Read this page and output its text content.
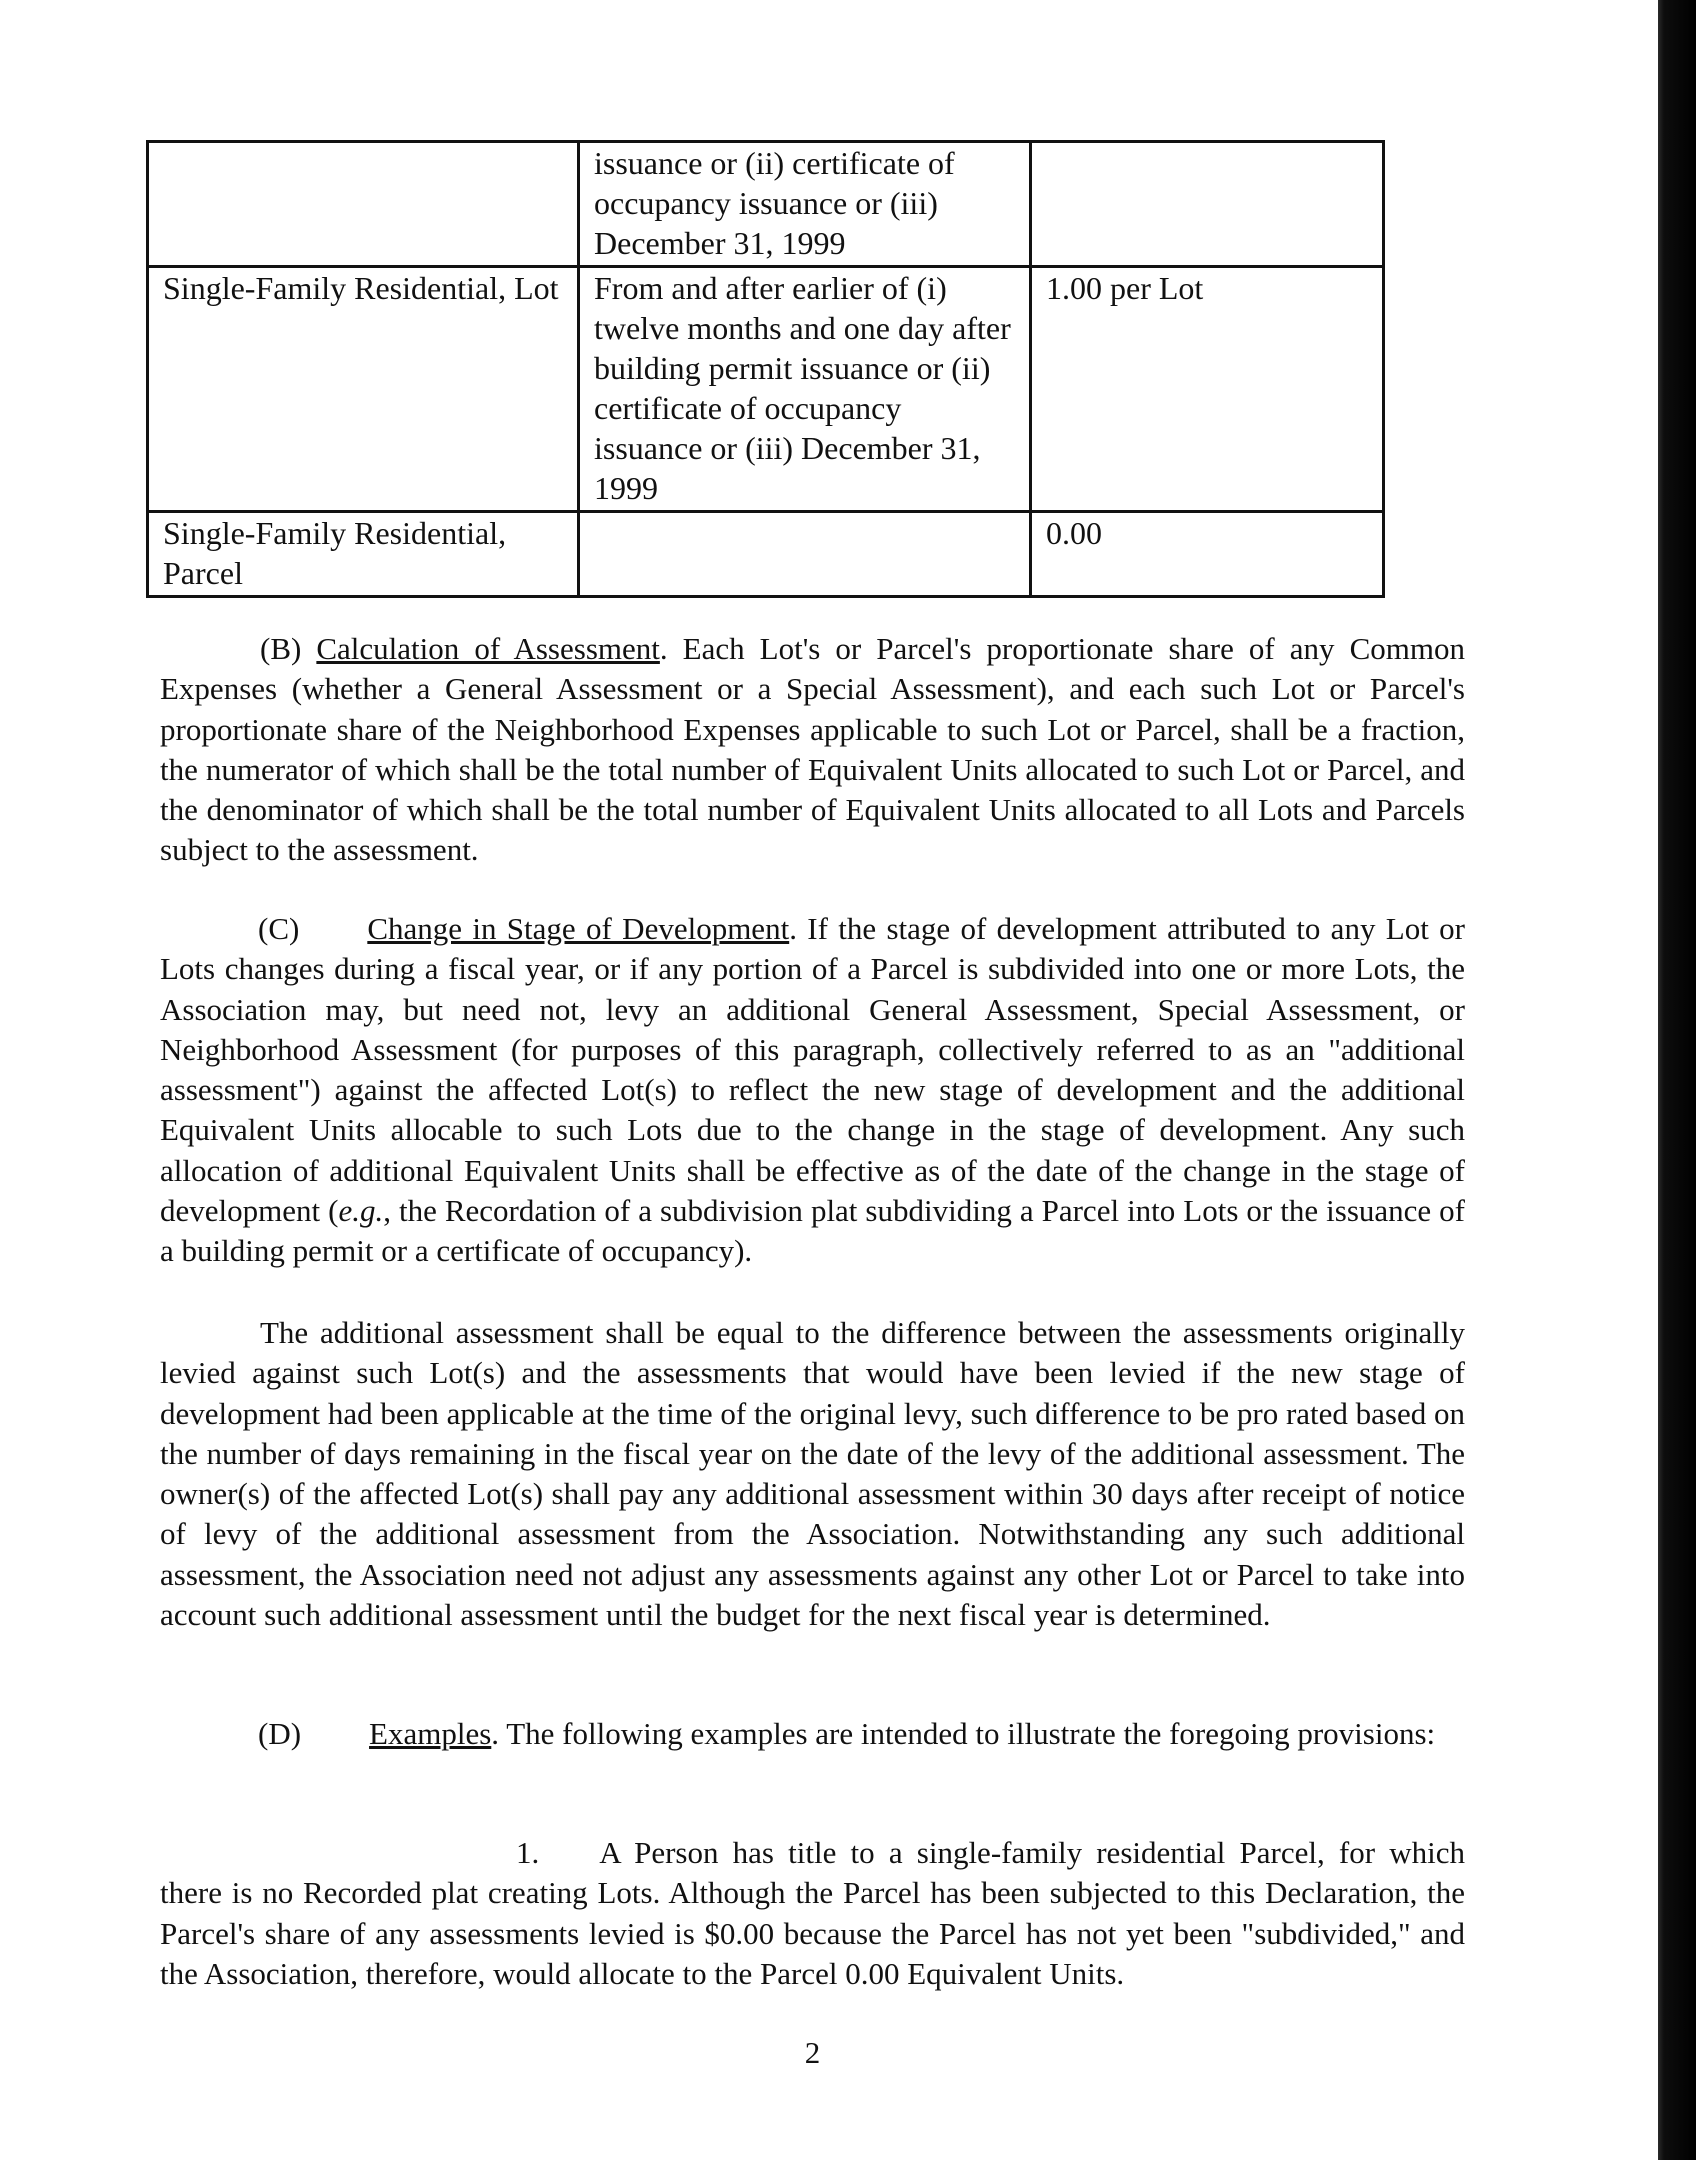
	issuance or (ii) certificate of occupancy issuance or (iii) December 31, 1999	
Single-Family Residential, Lot	From and after earlier of (i) twelve months and one day after building permit issuance or (ii) certificate of occupancy issuance or (iii) December 31, 1999	1.00 per Lot
Single-Family Residential, Parcel		0.00

(B) Calculation of Assessment. Each Lot's or Parcel's proportionate share of any Common Expenses (whether a General Assessment or a Special Assessment), and each such Lot or Parcel's proportionate share of the Neighborhood Expenses applicable to such Lot or Parcel, shall be a fraction, the numerator of which shall be the total number of Equivalent Units allocated to such Lot or Parcel, and the denominator of which shall be the total number of Equivalent Units allocated to all Lots and Parcels subject to the assessment.

(C) Change in Stage of Development. If the stage of development attributed to any Lot or Lots changes during a fiscal year, or if any portion of a Parcel is subdivided into one or more Lots, the Association may, but need not, levy an additional General Assessment, Special Assessment, or Neighborhood Assessment (for purposes of this paragraph, collectively referred to as an "additional assessment") against the affected Lot(s) to reflect the new stage of development and the additional Equivalent Units allocable to such Lots due to the change in the stage of development. Any such allocation of additional Equivalent Units shall be effective as of the date of the change in the stage of development (e.g., the Recordation of a subdivision plat subdividing a Parcel into Lots or the issuance of a building permit or a certificate of occupancy).

The additional assessment shall be equal to the difference between the assessments originally levied against such Lot(s) and the assessments that would have been levied if the new stage of development had been applicable at the time of the original levy, such difference to be pro rated based on the number of days remaining in the fiscal year on the date of the levy of the additional assessment. The owner(s) of the affected Lot(s) shall pay any additional assessment within 30 days after receipt of notice of levy of the additional assessment from the Association. Notwithstanding any such additional assessment, the Association need not adjust any assessments against any other Lot or Parcel to take into account such additional assessment until the budget for the next fiscal year is determined.

(D) Examples. The following examples are intended to illustrate the foregoing provisions:

1. A Person has title to a single-family residential Parcel, for which there is no Recorded plat creating Lots. Although the Parcel has been subjected to this Declaration, the Parcel's share of any assessments levied is $0.00 because the Parcel has not yet been "subdivided," and the Association, therefore, would allocate to the Parcel 0.00 Equivalent Units.

2
